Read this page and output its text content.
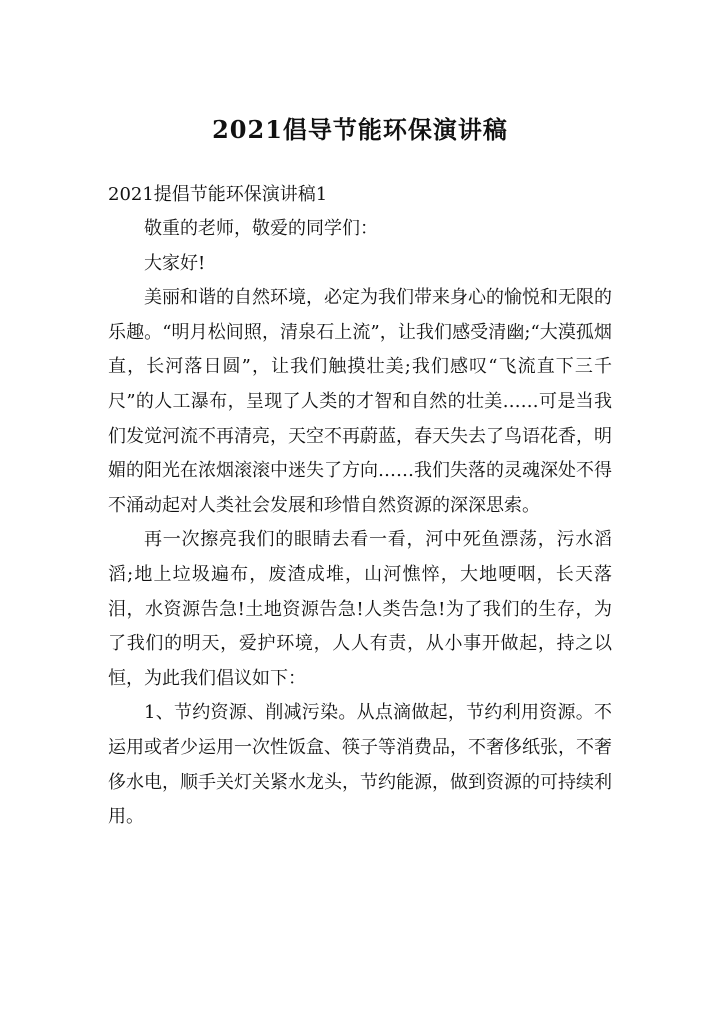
2021倡导节能环保演讲稿
2021提倡节能环保演讲稿1

敬重的老师，敬爱的同学们：

大家好!

美丽和谐的自然环境，必定为我们带来身心的愉悦和无限的乐趣。“明月松间照，清泉石上流”，让我们感受清幽;“大漠孤烟直，长河落日圆”，让我们触摸壮美;我们感叹“飞流直下三千尺”的人工瀑布，呈现了人类的才智和自然的壮美……可是当我们发觉河流不再清亮，天空不再蔚蓝，春天失去了鸟语花香，明媚的阳光在浓烟滚滚中迷失了方向……我们失落的灵魂深处不得不涌动起对人类社会发展和珍惜自然资源的深深思索。

再一次擦亮我们的眼睛去看一看，河中死鱼漂荡，污水滔滔;地上垃圾遍布，废渣成堆，山河憔悴，大地哽咽，长天落泪，水资源告急!土地资源告急!人类告急!为了我们的生存，为了我们的明天，爱护环境，人人有责，从小事开做起，持之以恒，为此我们倡议如下：

1、节约资源、削减污染。从点滴做起，节约利用资源。不运用或者少运用一次性饭盒、筷子等消费品，不奢侈纸张，不奢侈水电，顺手关灯关紧水龙头，节约能源，做到资源的可持续利用。
